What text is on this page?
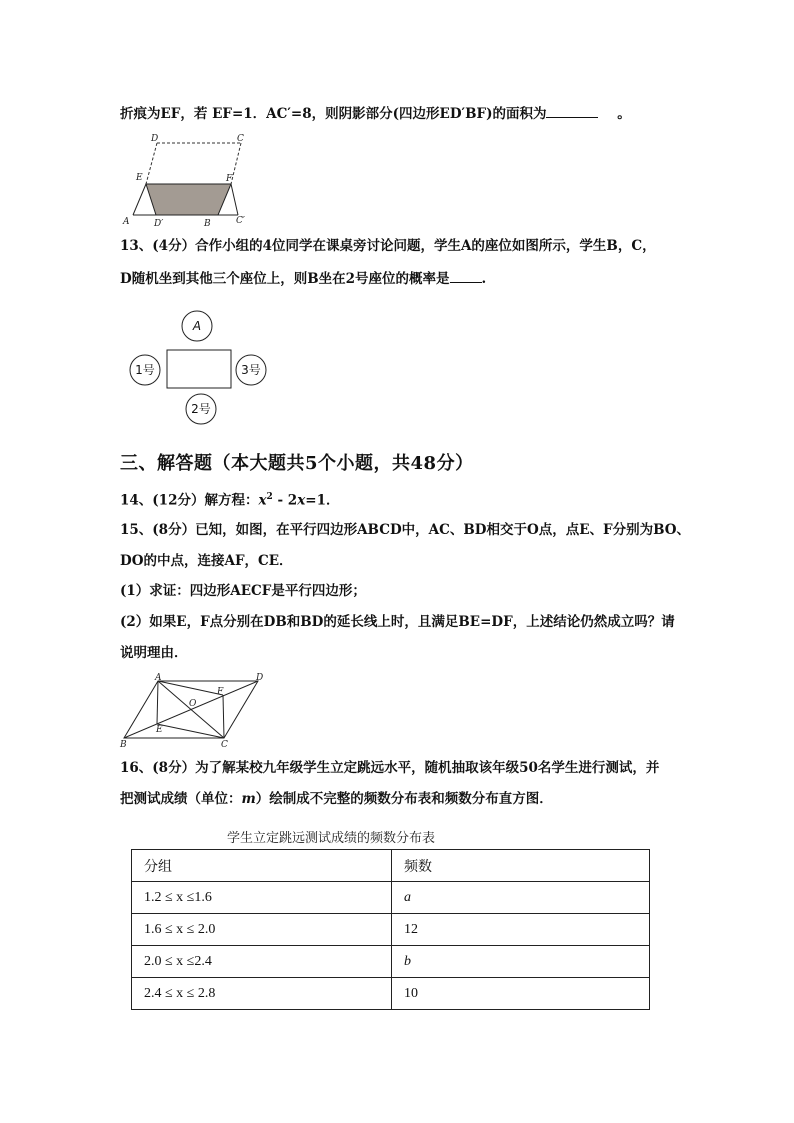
折痕为EF，若 EF=1．AC′=8，则阴影部分(四边形ED′BF)的面积为	。
D	C
E	F
A	D′	B	C′
13、(4分）合作小组的4位同学在课桌旁讨论问题，学生A的座位如图所示，学生B，C，
D随机坐到其他三个座位上，则B坐在2号座位的概率是 .
A
1号	3号
2号
三、解答题（本大题共5个小题，共48分）
14、(12分）解方程：$x^2 - 2x=1$．
15、(8分）已知，如图，在平行四边形ABCD中，AC、BD相交于O点，点E、F分别为BO、
DO的中点，连接AF，CE．
(1）求证：四边形AECF是平行四边形；
(2）如果E，F点分别在DB和BD的延长线上时，且满足BE=DF，上述结论仍然成立吗？请
说明理由．
A	D
F
O
E
B	C
16、(8分）为了解某校九年级学生立定跳远水平，随机抽取该年级50名学生进行测试，并
把测试成绩（单位：m）绘制成不完整的频数分布表和频数分布直方图．
学生立定跳远测试成绩的频数分布表
分组	频数
1.2 ≤ x ≤1.6	a
1.6 ≤ x ≤ 2.0	12
2.0 ≤ x ≤2.4	b
2.4 ≤ x ≤ 2.8	10
